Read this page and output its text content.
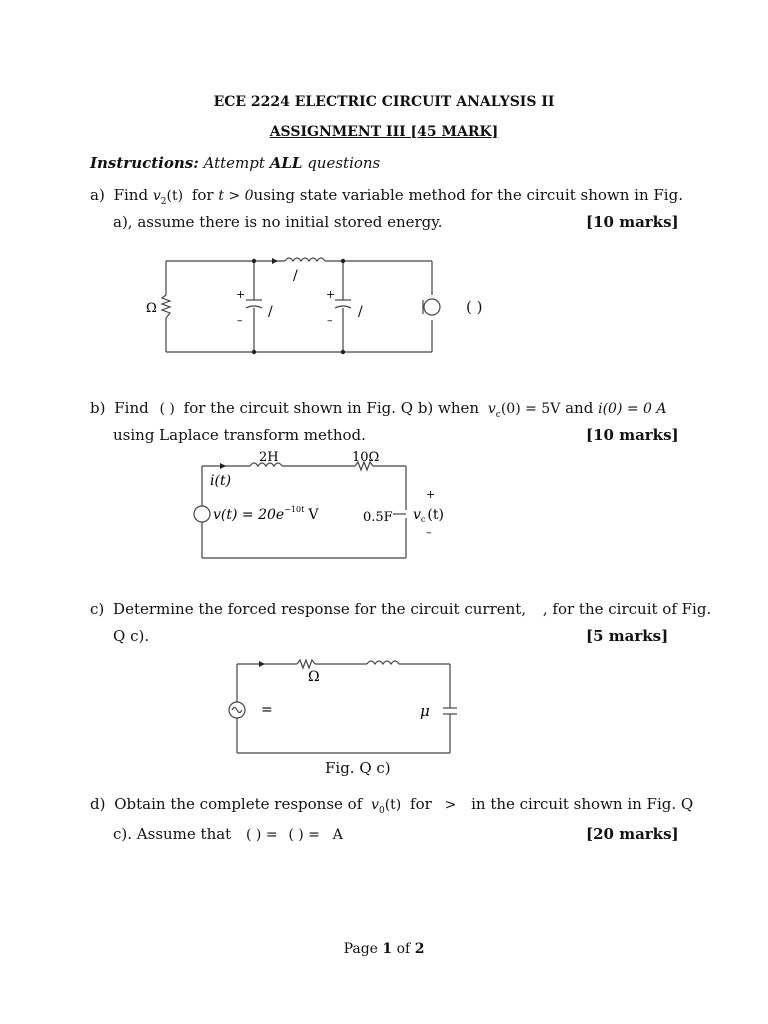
ECE 2224 ELECTRIC CIRCUIT ANALYSIS II
ASSIGNMENT III [45 MARK]
Instructions: Attempt ALL questions
a) Find $v_2(t)$ for t > 0using state variable method for the circuit shown in Fig.
a), assume there is no initial stored energy.	[10 marks]
Ω
+
–
/
+
–
/
/
( )
b) Find ( ) for the circuit shown in Fig. Q b) when $v_c(0) = 5V$ and i(0) = 0 A
using Laplace transform method.	[10 marks]
2H	10Ω
i(t)
$v(t) = 20e^{-10t}$ V	0.5F $v_c$ (t)
+
–
c) Determine the forced response for the circuit current, , for the circuit of Fig.
Q c).	[5 marks]
Ω
=	μ
Fig. Q c)
d) Obtain the complete response of $v_0(t)$ for > in the circuit shown in Fig. Q
c). Assume that ( ) = ( ) = A	[20 marks]
Page 1 of 2
